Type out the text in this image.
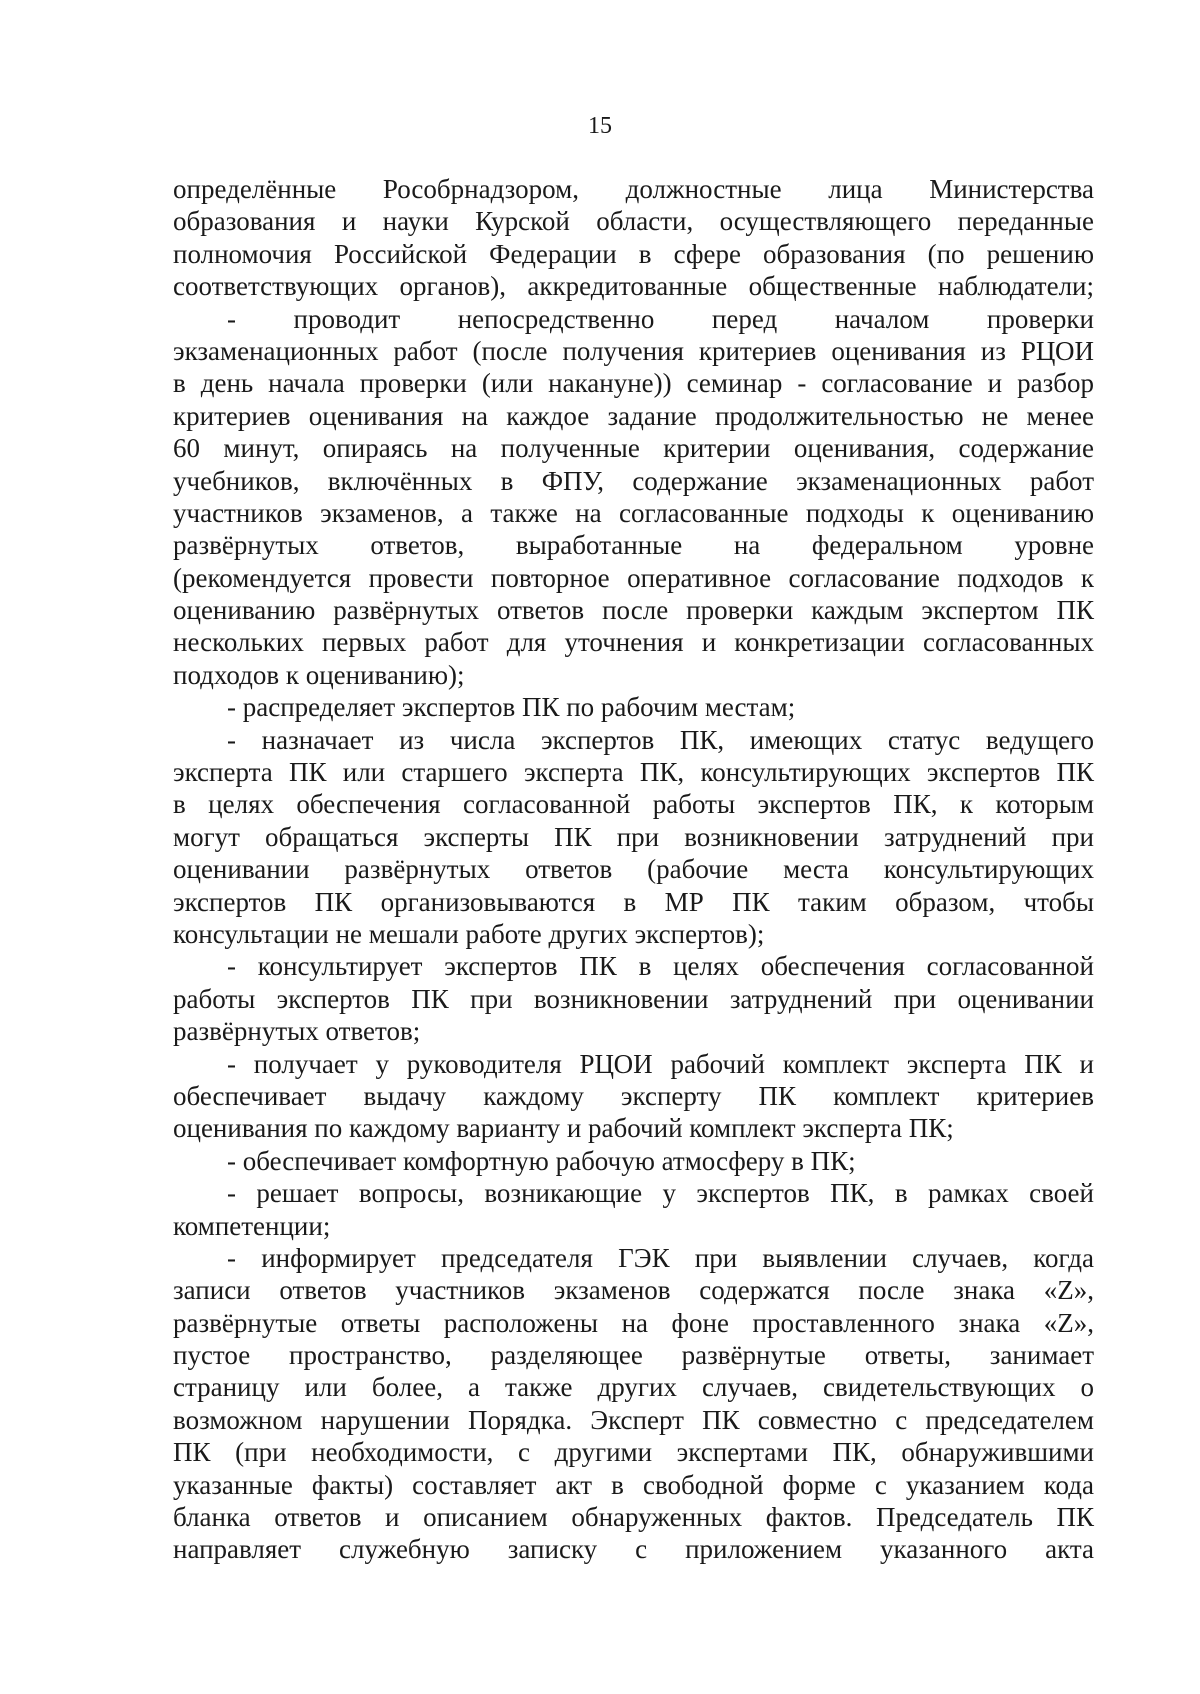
15
определённые Рособрнадзором, должностные лица Министерства
образования и науки Курской области, осуществляющего переданные
полномочия Российской Федерации в сфере образования (по решению
соответствующих органов), аккредитованные общественные наблюдатели;
- проводит непосредственно перед началом проверки
экзаменационных работ (после получения критериев оценивания из РЦОИ
в день начала проверки (или накануне)) семинар - согласование и разбор
критериев оценивания на каждое задание продолжительностью не менее
60 минут, опираясь на полученные критерии оценивания, содержание
учебников, включённых в ФПУ, содержание экзаменационных работ
участников экзаменов, а также на согласованные подходы к оцениванию
развёрнутых ответов, выработанные на федеральном уровне
(рекомендуется провести повторное оперативное согласование подходов к
оцениванию развёрнутых ответов после проверки каждым экспертом ПК
нескольких первых работ для уточнения и конкретизации согласованных
подходов к оцениванию);
- распределяет экспертов ПК по рабочим местам;
- назначает из числа экспертов ПК, имеющих статус ведущего
эксперта ПК или старшего эксперта ПК, консультирующих экспертов ПК
в целях обеспечения согласованной работы экспертов ПК, к которым
могут обращаться эксперты ПК при возникновении затруднений при
оценивании развёрнутых ответов (рабочие места консультирующих
экспертов ПК организовываются в МР ПК таким образом, чтобы
консультации не мешали работе других экспертов);
- консультирует экспертов ПК в целях обеспечения согласованной
работы экспертов ПК при возникновении затруднений при оценивании
развёрнутых ответов;
- получает у руководителя РЦОИ рабочий комплект эксперта ПК и
обеспечивает выдачу каждому эксперту ПК комплект критериев
оценивания по каждому варианту и рабочий комплект эксперта ПК;
- обеспечивает комфортную рабочую атмосферу в ПК;
- решает вопросы, возникающие у экспертов ПК, в рамках своей
компетенции;
- информирует председателя ГЭК при выявлении случаев, когда
записи ответов участников экзаменов содержатся после знака «Z»,
развёрнутые ответы расположены на фоне проставленного знака «Z»,
пустое пространство, разделяющее развёрнутые ответы, занимает
страницу или более, а также других случаев, свидетельствующих о
возможном нарушении Порядка. Эксперт ПК совместно с председателем
ПК (при необходимости, с другими экспертами ПК, обнаружившими
указанные факты) составляет акт в свободной форме с указанием кода
бланка ответов и описанием обнаруженных фактов. Председатель ПК
направляет служебную записку с приложением указанного акта
